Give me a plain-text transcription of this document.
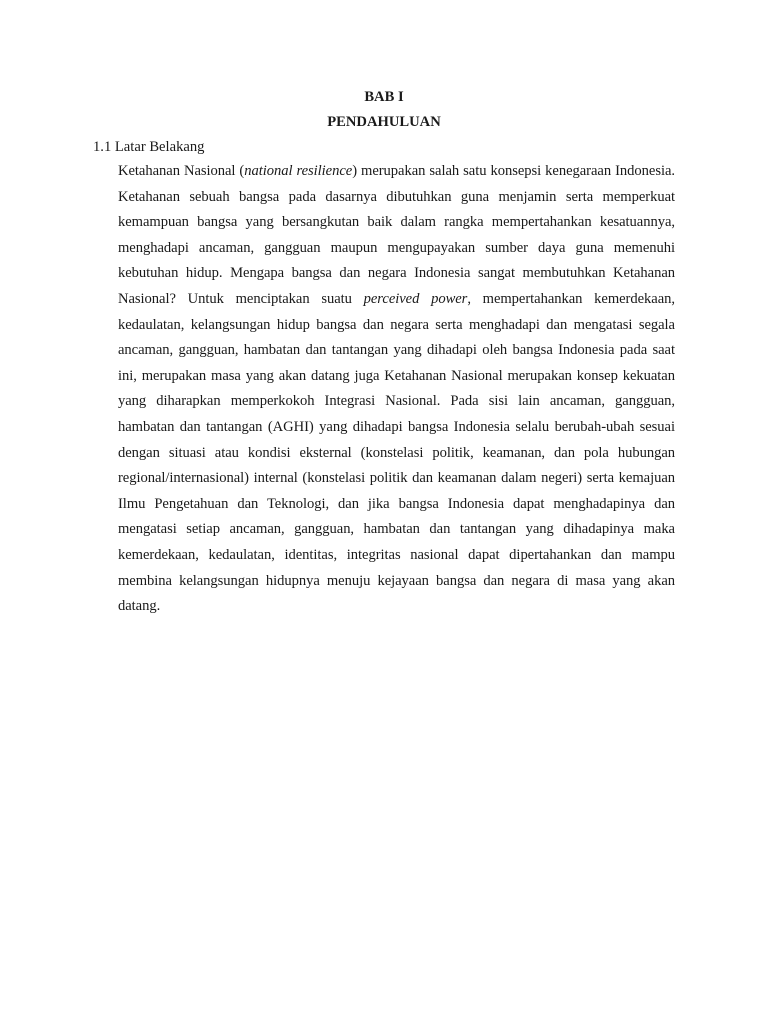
BAB I
PENDAHULUAN
1.1 Latar Belakang

Ketahanan Nasional (national resilience) merupakan salah satu konsepsi kenegaraan Indonesia. Ketahanan sebuah bangsa pada dasarnya dibutuhkan guna menjamin serta memperkuat kemampuan bangsa yang bersangkutan baik dalam rangka mempertahankan kesatuannya, menghadapi ancaman, gangguan maupun mengupayakan sumber daya guna memenuhi kebutuhan hidup. Mengapa bangsa dan negara Indonesia sangat membutuhkan Ketahanan Nasional? Untuk menciptakan suatu perceived power, mempertahankan kemerdekaan, kedaulatan, kelangsungan hidup bangsa dan negara serta menghadapi dan mengatasi segala ancaman, gangguan, hambatan dan tantangan yang dihadapi oleh bangsa Indonesia pada saat ini, merupakan masa yang akan datang juga Ketahanan Nasional merupakan konsep kekuatan yang diharapkan memperkokoh Integrasi Nasional. Pada sisi lain ancaman, gangguan, hambatan dan tantangan (AGHI) yang dihadapi bangsa Indonesia selalu berubah-ubah sesuai dengan situasi atau kondisi eksternal (konstelasi politik, keamanan, dan pola hubungan regional/internasional) internal (konstelasi politik dan keamanan dalam negeri) serta kemajuan Ilmu Pengetahuan dan Teknologi, dan jika bangsa Indonesia dapat menghadapinya dan mengatasi setiap ancaman, gangguan, hambatan dan tantangan yang dihadapinya maka kemerdekaan, kedaulatan, identitas, integritas nasional dapat dipertahankan dan mampu membina kelangsungan hidupnya menuju kejayaan bangsa dan negara di masa yang akan datang.
